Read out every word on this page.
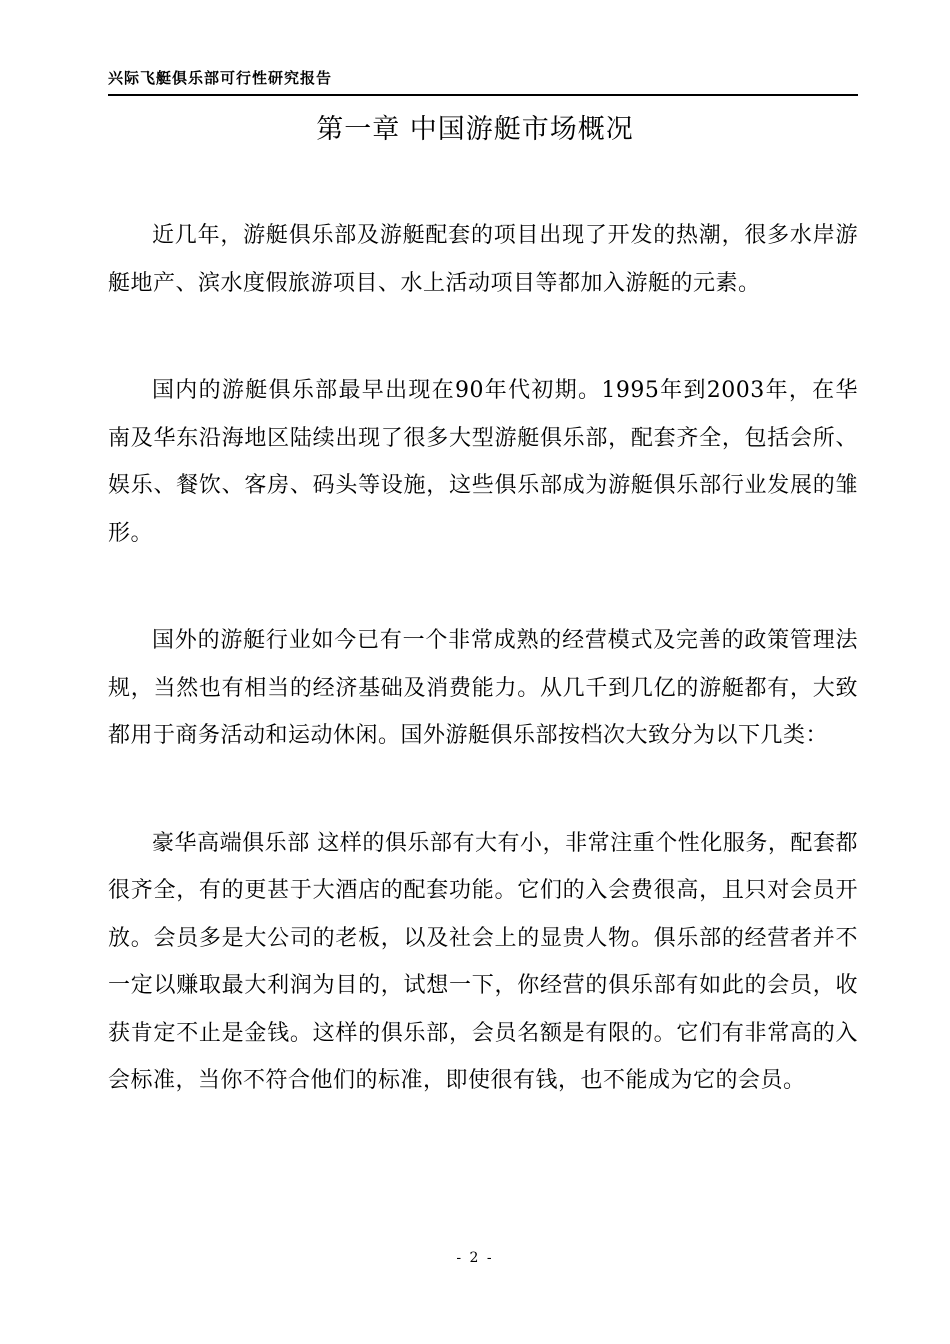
兴际飞艇俱乐部可行性研究报告
第一章 中国游艇市场概况

近几年，游艇俱乐部及游艇配套的项目出现了开发的热潮，很多水岸游艇地产、滨水度假旅游项目、水上活动项目等都加入游艇的元素。

国内的游艇俱乐部最早出现在90年代初期。1995年到2003年，在华南及华东沿海地区陆续出现了很多大型游艇俱乐部，配套齐全，包括会所、娱乐、餐饮、客房、码头等设施，这些俱乐部成为游艇俱乐部行业发展的雏形。

国外的游艇行业如今已有一个非常成熟的经营模式及完善的政策管理法规，当然也有相当的经济基础及消费能力。从几千到几亿的游艇都有，大致都用于商务活动和运动休闲。国外游艇俱乐部按档次大致分为以下几类：

豪华高端俱乐部 这样的俱乐部有大有小，非常注重个性化服务，配套都很齐全，有的更甚于大酒店的配套功能。它们的入会费很高，且只对会员开放。会员多是大公司的老板，以及社会上的显贵人物。俱乐部的经营者并不一定以赚取最大利润为目的，试想一下，你经营的俱乐部有如此的会员，收获肯定不止是金钱。这样的俱乐部，会员名额是有限的。它们有非常高的入会标准，当你不符合他们的标准，即使很有钱，也不能成为它的会员。

- 2 -
